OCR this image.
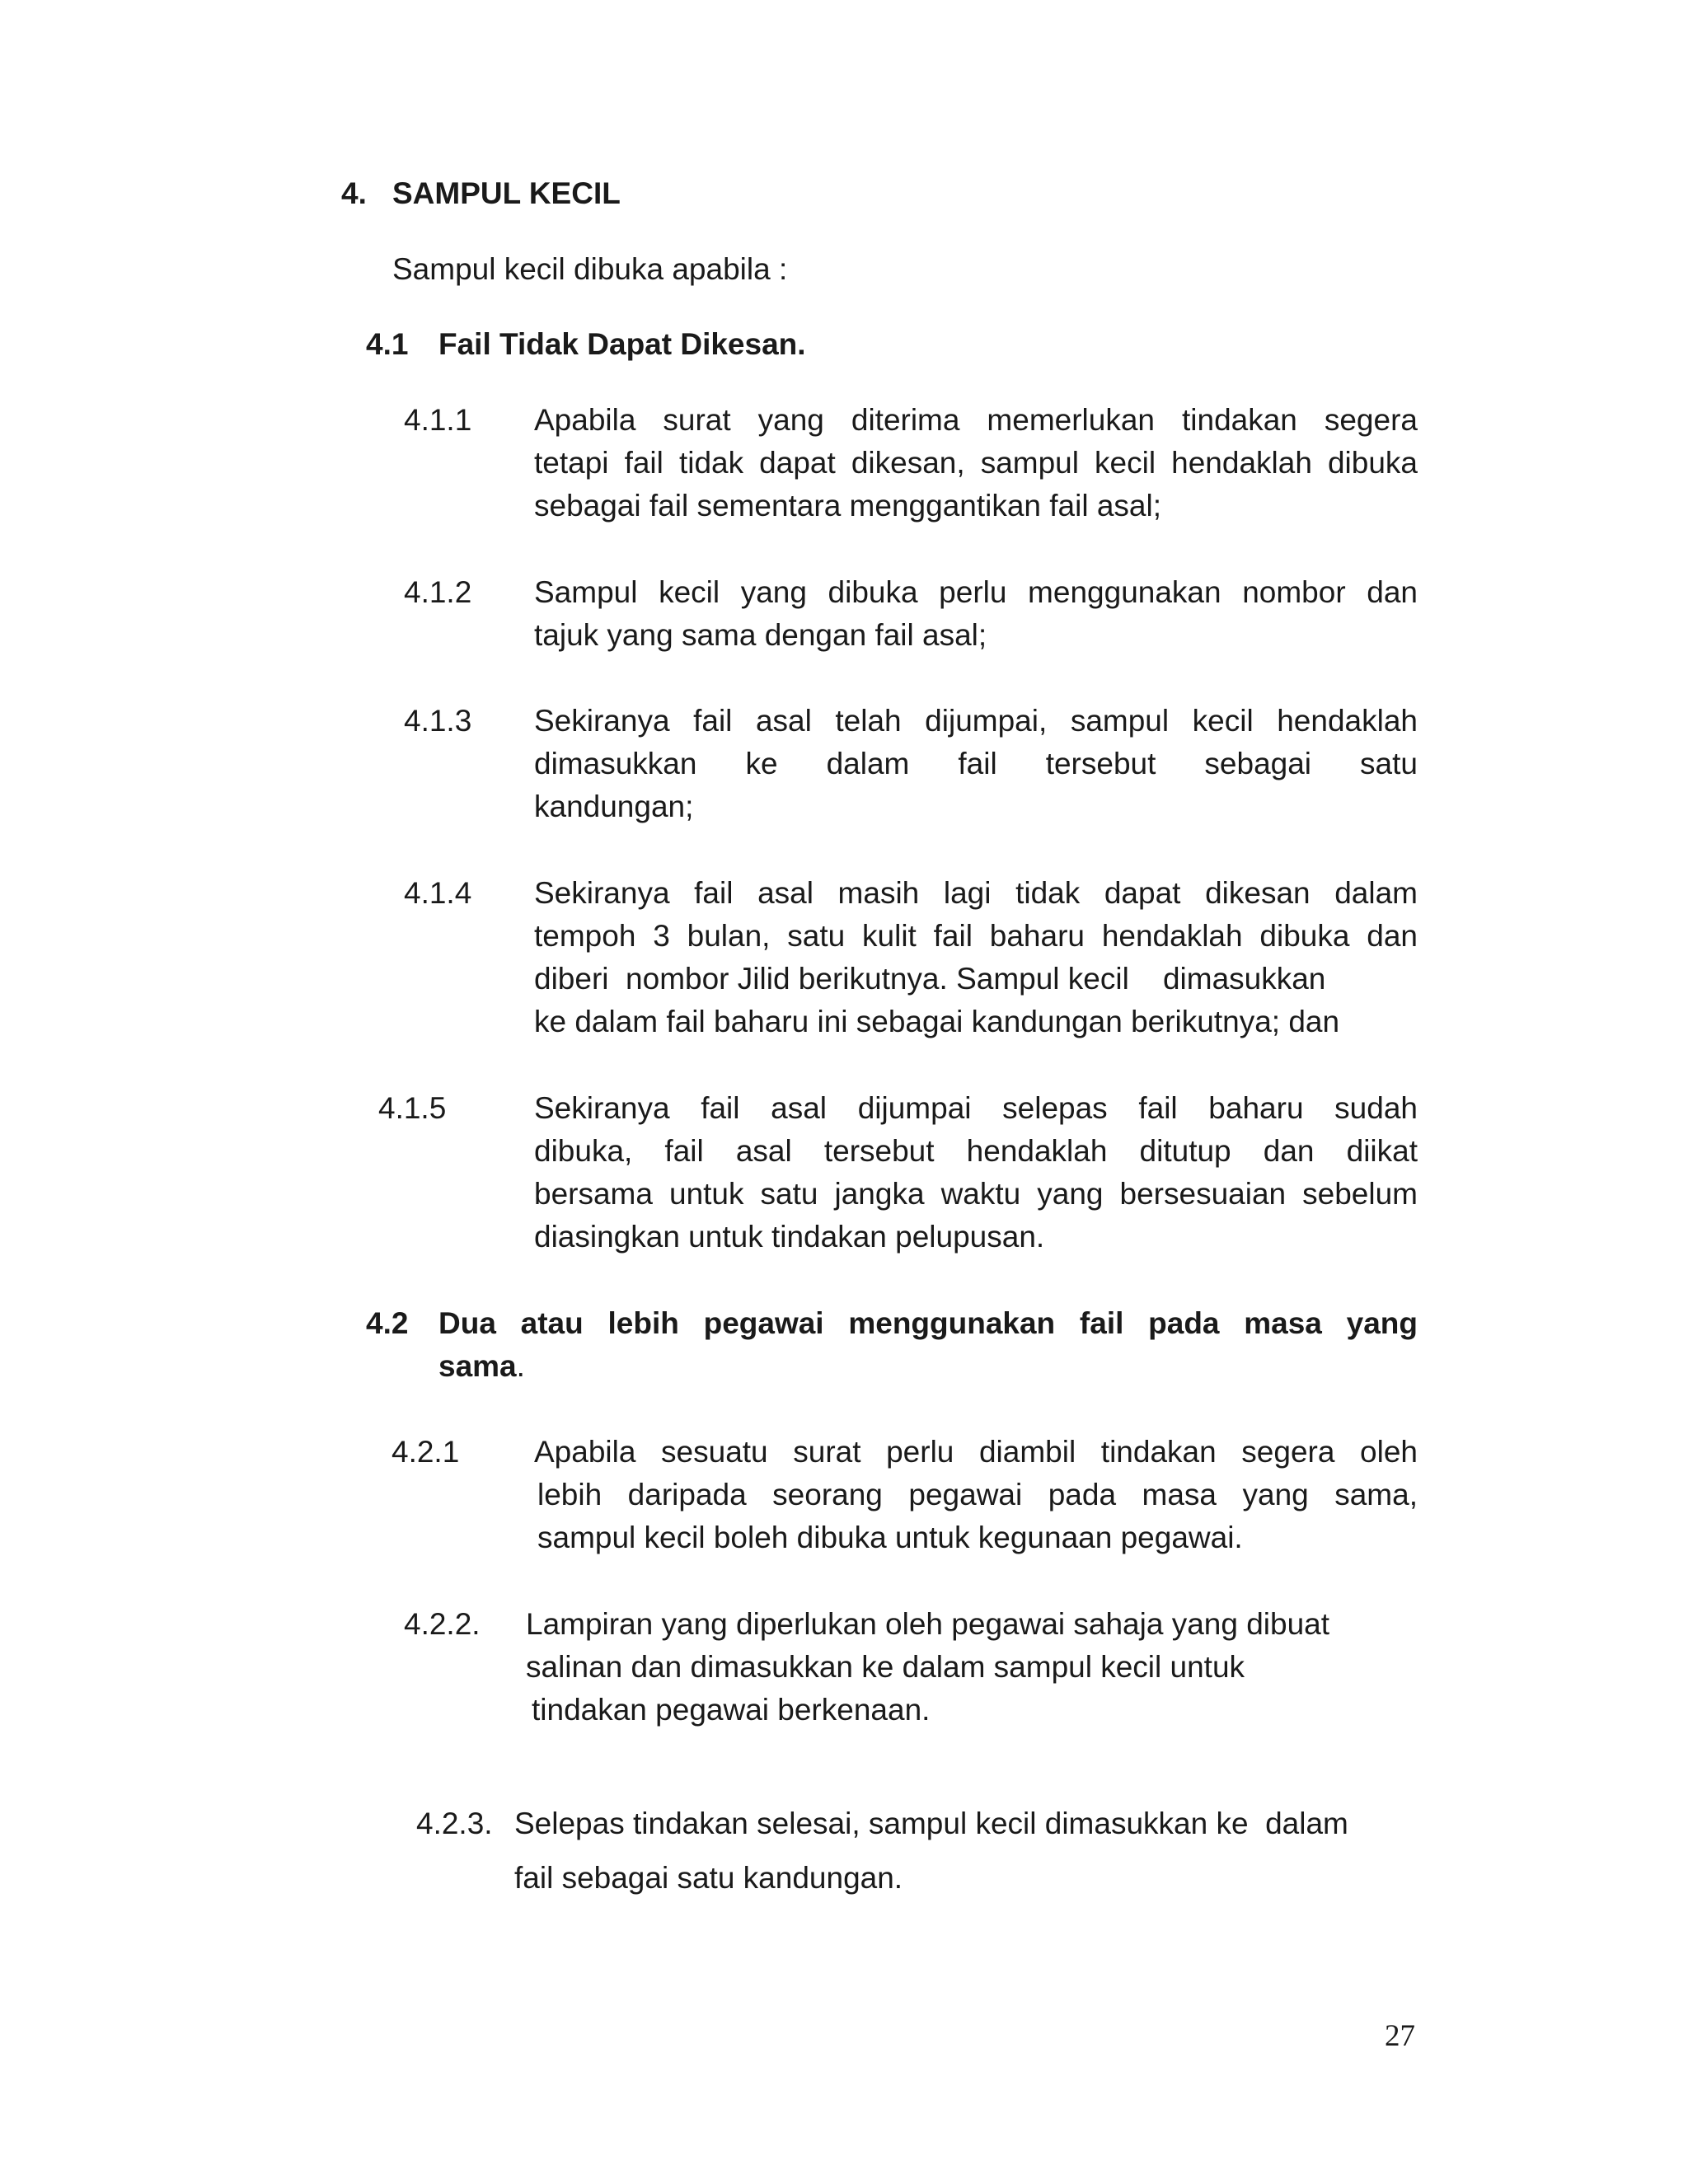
4. SAMPUL KECIL
Sampul kecil dibuka apabila :
4.1 Fail Tidak Dapat Dikesan.
4.1.1 Apabila surat yang diterima memerlukan tindakan segera
tetapi fail tidak dapat dikesan, sampul kecil hendaklah dibuka
sebagai fail sementara menggantikan fail asal;
4.1.2 Sampul kecil yang dibuka perlu menggunakan nombor dan
tajuk yang sama dengan fail asal;
4.1.3 Sekiranya fail asal telah dijumpai, sampul kecil hendaklah
dimasukkan ke dalam fail tersebut sebagai satu
kandungan;
4.1.4 Sekiranya fail asal masih lagi tidak dapat dikesan dalam
tempoh 3 bulan, satu kulit fail baharu hendaklah dibuka dan
diberi  nombor Jilid berikutnya. Sampul kecil    dimasukkan
ke dalam fail baharu ini sebagai kandungan berikutnya; dan
4.1.5	Sekiranya fail asal dijumpai selepas fail baharu sudah
dibuka, fail asal tersebut hendaklah ditutup dan diikat
bersama untuk satu jangka waktu yang bersesuaian sebelum
diasingkan untuk tindakan pelupusan.
4.2 Dua atau lebih pegawai menggunakan fail pada masa yang
sama.
4.2.1 Apabila sesuatu surat perlu diambil tindakan segera oleh
lebih daripada seorang pegawai pada masa yang sama,
sampul kecil boleh dibuka untuk kegunaan pegawai.
4.2.2. Lampiran yang diperlukan oleh pegawai sahaja yang dibuat
salinan dan dimasukkan ke dalam sampul kecil untuk
tindakan pegawai berkenaan.
4.2.3. Selepas tindakan selesai, sampul kecil dimasukkan ke  dalam
fail sebagai satu kandungan.
27
